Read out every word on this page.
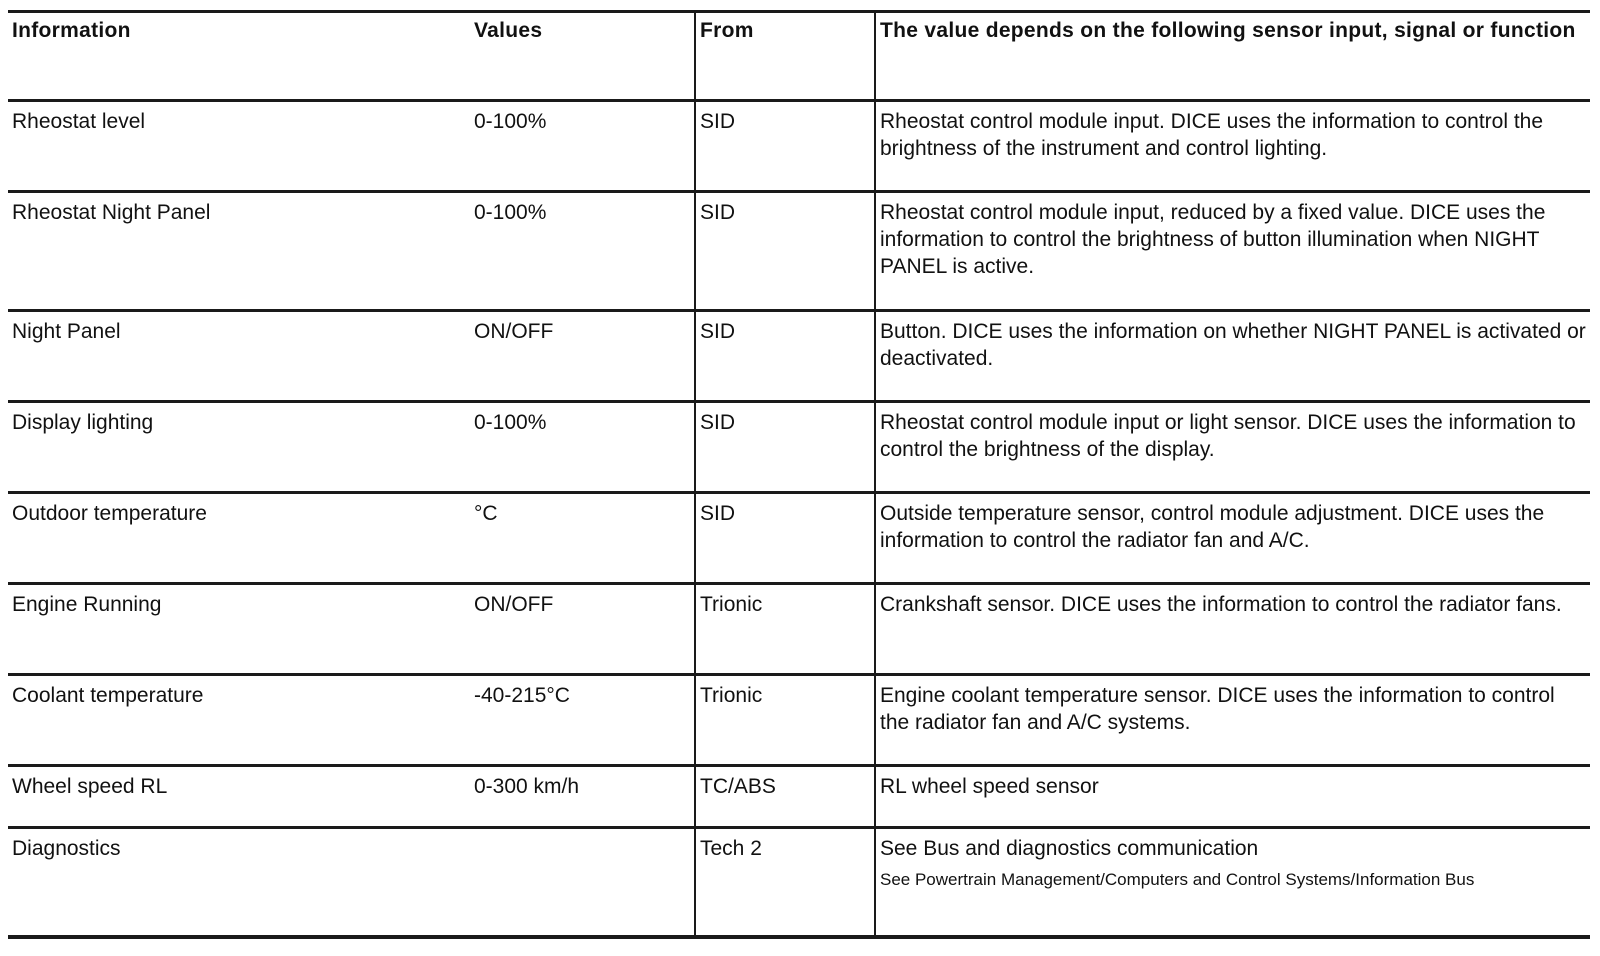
Information	Values	From	The value depends on the following sensor input, signal or function
Rheostat level	0-100%	SID	Rheostat control module input. DICE uses the information to control the brightness of the instrument and control lighting.
Rheostat Night Panel	0-100%	SID	Rheostat control module input, reduced by a fixed value. DICE uses the information to control the brightness of button illumination when NIGHT PANEL is active.
Night Panel	ON/OFF	SID	Button. DICE uses the information on whether NIGHT PANEL is activated or deactivated.
Display lighting	0-100%	SID	Rheostat control module input or light sensor. DICE uses the information to control the brightness of the display.
Outdoor temperature	°C	SID	Outside temperature sensor, control module adjustment. DICE uses the information to control the radiator fan and A/C.
Engine Running	ON/OFF	Trionic	Crankshaft sensor. DICE uses the information to control the radiator fans.
Coolant temperature	-40-215°C	Trionic	Engine coolant temperature sensor. DICE uses the information to control the radiator fan and A/C systems.
Wheel speed RL	0-300 km/h	TC/ABS	RL wheel speed sensor
Diagnostics		Tech 2	See Bus and diagnostics communication
See Powertrain Management/Computers and Control Systems/Information Bus
